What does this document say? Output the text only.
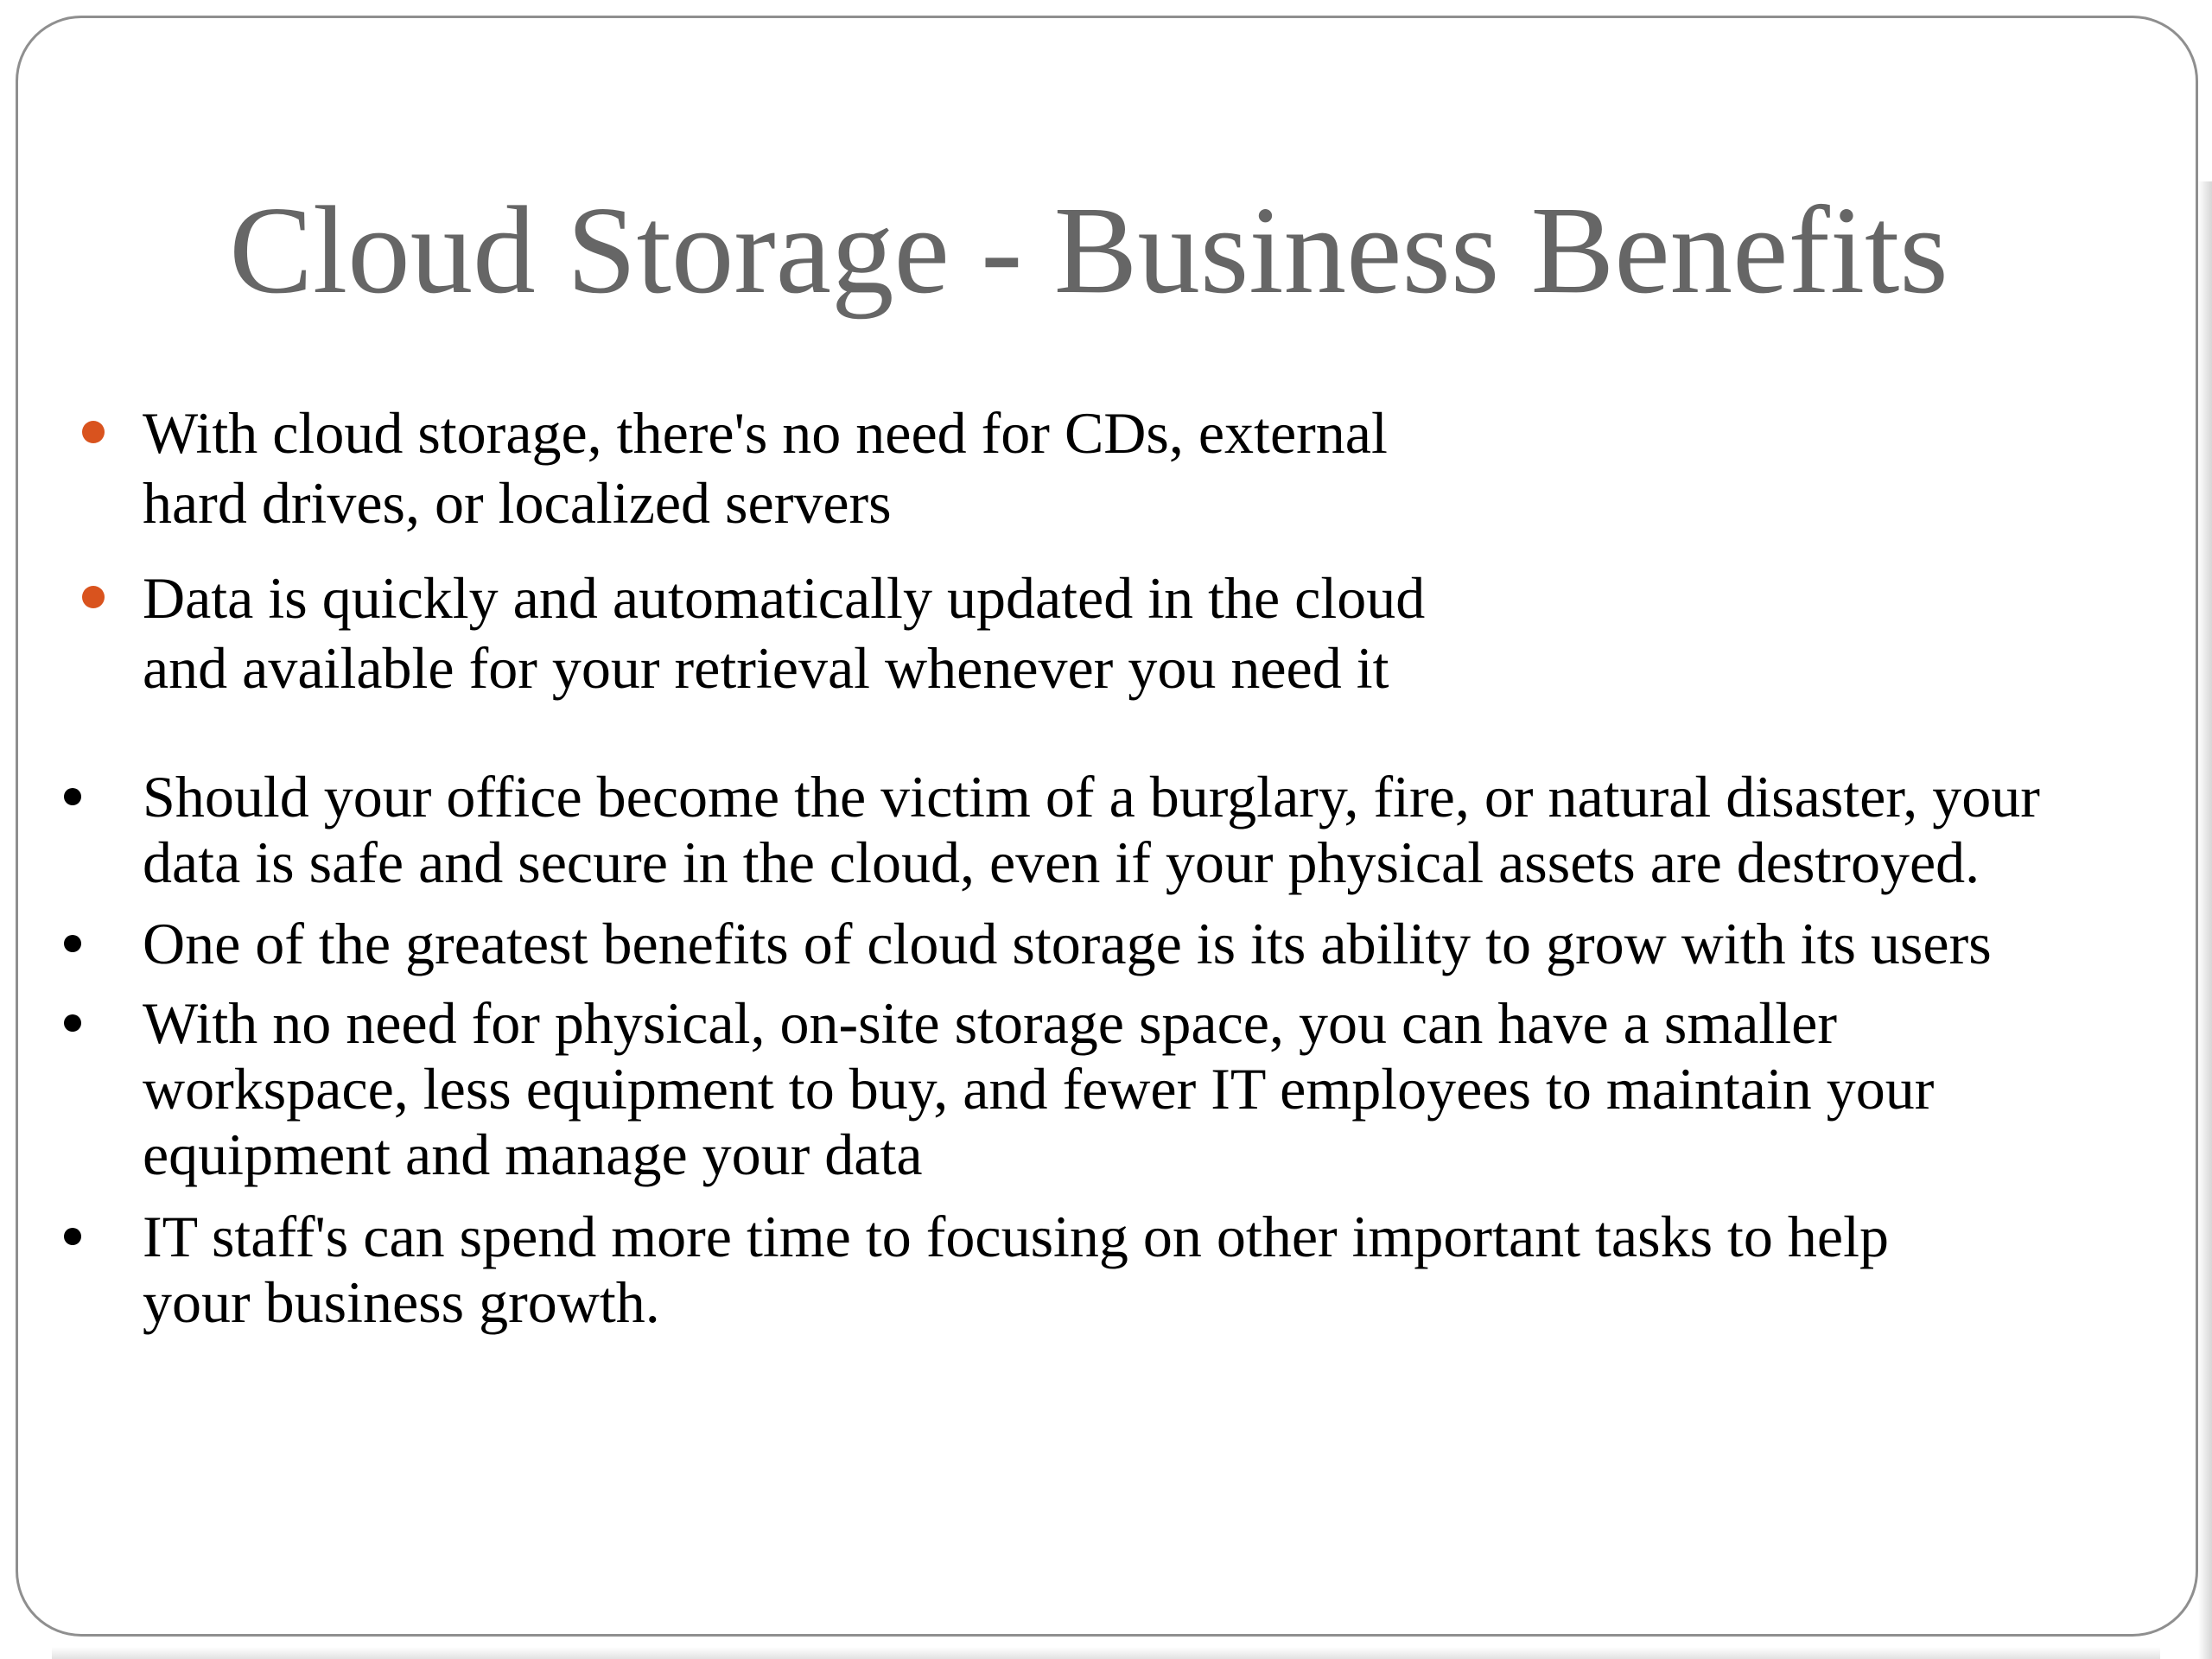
Cloud Storage - Business Benefits
With cloud storage, there's no need for CDs, external
hard drives, or localized servers
Data is quickly and automatically updated in the cloud
and available for your retrieval whenever you need it
Should your office become the victim of a burglary, fire, or natural disaster, your
data is safe and secure in the cloud, even if your physical assets are destroyed.
One of the greatest benefits of cloud storage is its ability to grow with its users
With no need for physical, on-site storage space, you can have a smaller
workspace, less equipment to buy, and fewer IT employees to maintain your
equipment and manage your data
IT staff's can spend more time to focusing on other important tasks to help
your business growth.
